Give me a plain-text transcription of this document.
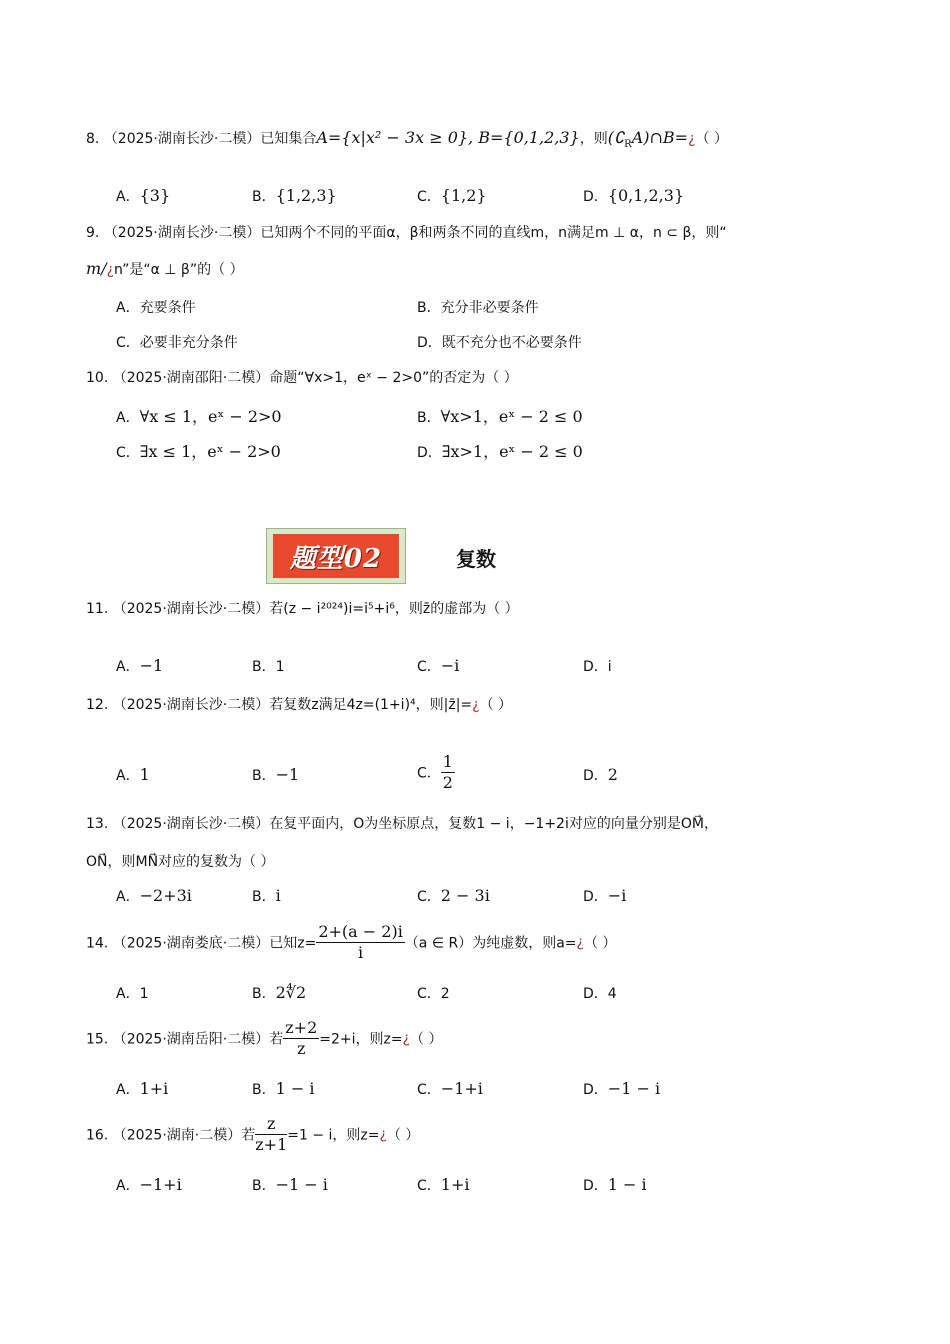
8. （2025·湖南长沙·二模）已知集合A={x|x² − 3x ≥ 0}, B={0,1,2,3}，则$(∁_RA)\cap B=¿$（ ）
A．{3}	B．{1,2,3}	C．{1,2}	D．{0,1,2,3}
9. （2025·湖南长沙·二模）已知两个不同的平面α，β和两条不同的直线m，n满足m ⊥ α，n ⊂ β，则“
m/¿n”是“α ⊥ β”的（ ）
A．充要条件	B．充分非必要条件
C．必要非充分条件	D．既不充分也不必要条件
10. （2025·湖南邵阳·二模）命题“∀x>1，eˣ − 2>0”的否定为（ ）
A．∀x ≤ 1，eˣ − 2>0	B．∀x>1，eˣ − 2 ≤ 0
C．∃x ≤ 1，eˣ − 2>0	D．∃x>1，eˣ − 2 ≤ 0
题型02	复数
11. （2025·湖南长沙·二模）若(z − i²⁰²⁴)i=i⁵+i⁶，则z̄的虚部为（ ）
A．−1	B．1	C．−i	D．i
12. （2025·湖南长沙·二模）若复数z满足4z=(1+i)⁴，则|z̄|=¿（ ）
A．1	B．−1	C． $\frac{1}{2}$	D．2
13. （2025·湖南长沙·二模）在复平面内，O为坐标原点，复数1 − i，−1+2i对应的向量分别是OM⃗，
ON⃗，则MN⃗对应的复数为（ ）
A．−2+3i	B．i	C．2 − 3i	D．−i
14. （2025·湖南娄底·二模）已知$z= \frac{2+(a - 2)i}{i} (a$ ∈ R）为纯虚数，则a=¿（ ）
A．1	B．2∜2	C．2	D．4
15. （2025·湖南岳阳·二模）若 $\frac{z+2}{z} =2+i$，则z=¿（ ）
A．1+i	B．1 − i	C．−1+i	D．−1 − i
16. （2025·湖南·二模）若 $\frac{z}{z+1} =1 - i$，则z=¿（ ）
A．−1+i	B．−1 − i	C．1+i	D．1 − i
